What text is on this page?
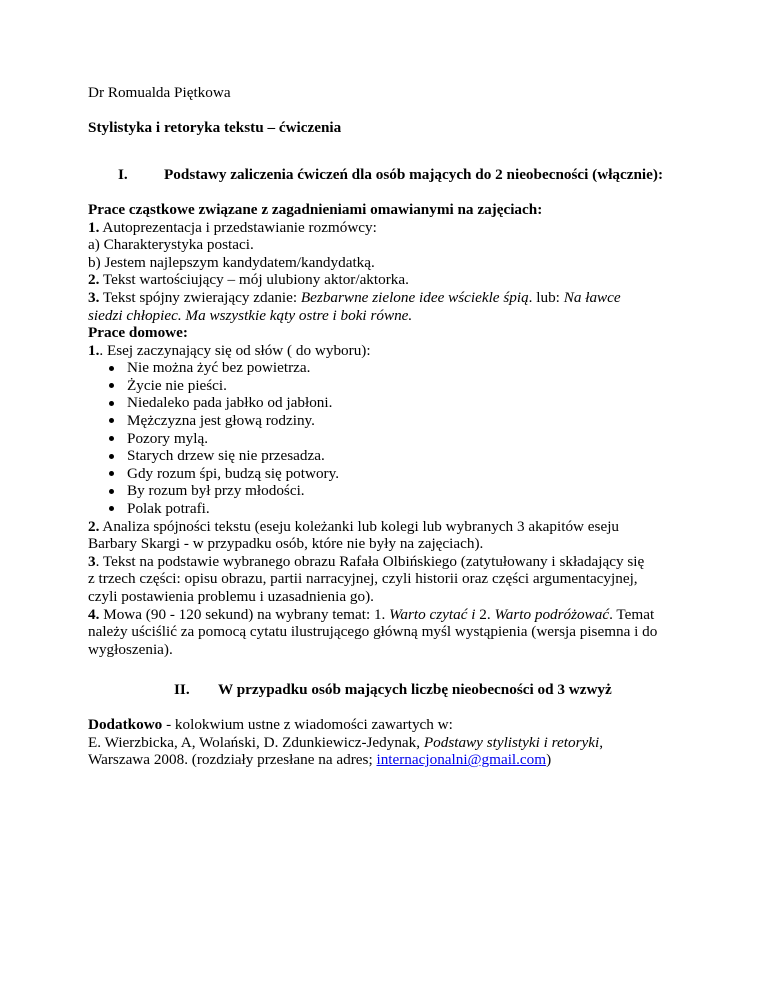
Dr Romualda Piętkowa

Stylistyka i retoryka tekstu – ćwiczenia

I. Podstawy zaliczenia ćwiczeń dla osób mających do 2 nieobecności (włącznie):
Prace cząstkowe związane z zagadnieniami omawianymi na zajęciach:
1. Autoprezentacja i przedstawianie rozmówcy:
a) Charakterystyka postaci.
b) Jestem najlepszym kandydatem/kandydatką.
2. Tekst wartościujący – mój ulubiony aktor/aktorka.
3. Tekst spójny zwierający zdanie: Bezbarwne zielone idee wściekle śpią. lub: Na ławce
siedzi chłopiec. Ma wszystkie kąty ostre i boki równe.
Prace domowe:
1.. Esej zaczynający się od słów ( do wyboru):
Nie można żyć bez powietrza.
Życie nie pieści.
Niedaleko pada jabłko od jabłoni.
Mężczyzna jest głową rodziny.
Pozory mylą.
Starych drzew się nie przesadza.
Gdy rozum śpi, budzą się potwory.
By rozum był przy młodości.
Polak potrafi.
2. Analiza spójności tekstu (eseju koleżanki lub kolegi lub wybranych 3 akapitów eseju
Barbary Skargi - w przypadku osób, które nie były na zajęciach).
3. Tekst na podstawie wybranego obrazu Rafała Olbińskiego (zatytułowany i składający się
z trzech części: opisu obrazu, partii narracyjnej, czyli historii oraz części argumentacyjnej,
czyli postawienia problemu i uzasadnienia go).
4. Mowa (90 - 120 sekund) na wybrany temat: 1. Warto czytać i 2. Warto podróżować. Temat
należy uściślić za pomocą cytatu ilustrującego główną myśl wystąpienia (wersja pisemna i do
wygłoszenia).
II. W przypadku osób mających liczbę nieobecności od 3 wzwyż
Dodatkowo - kolokwium ustne z wiadomości zawartych w:
E. Wierzbicka, A, Wolański, D. Zdunkiewicz-Jedynak, Podstawy stylistyki i retoryki,
Warszawa 2008. (rozdziały przesłane na adres; internacjonalni@gmail.com)
